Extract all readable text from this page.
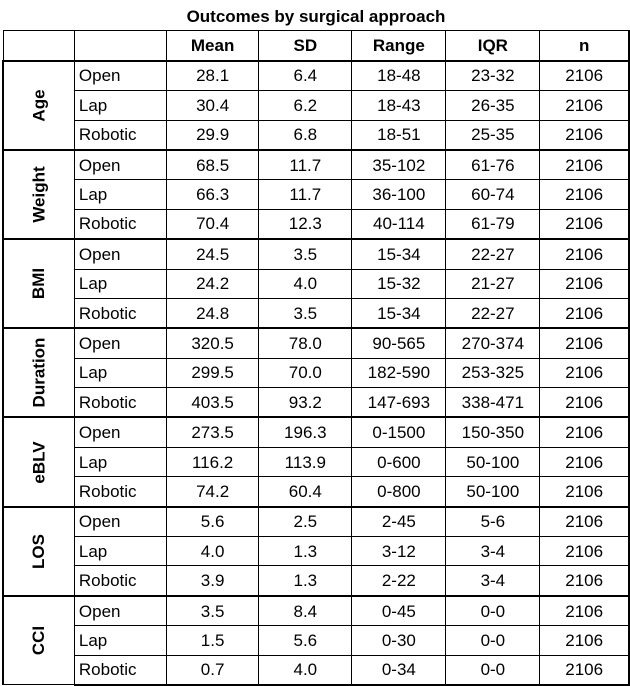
Outcomes by surgical approach						
		Mean	SD	Range	IQR	n
Age	Open	28.1	6.4	18-48	23-32	2106
	Lap	30.4	6.2	18-43	26-35	2106
	Robotic	29.9	6.8	18-51	25-35	2106
Weight	Open	68.5	11.7	35-102	61-76	2106
	Lap	66.3	11.7	36-100	60-74	2106
	Robotic	70.4	12.3	40-114	61-79	2106
BMI	Open	24.5	3.5	15-34	22-27	2106
	Lap	24.2	4.0	15-32	21-27	2106
	Robotic	24.8	3.5	15-34	22-27	2106
Duration	Open	320.5	78.0	90-565	270-374	2106
	Lap	299.5	70.0	182-590	253-325	2106
	Robotic	403.5	93.2	147-693	338-471	2106
eBLV	Open	273.5	196.3	0-1500	150-350	2106
	Lap	116.2	113.9	0-600	50-100	2106
	Robotic	74.2	60.4	0-800	50-100	2106
LOS	Open	5.6	2.5	2-45	5-6	2106
	Lap	4.0	1.3	3-12	3-4	2106
	Robotic	3.9	1.3	2-22	3-4	2106
CCI	Open	3.5	8.4	0-45	0-0	2106
	Lap	1.5	5.6	0-30	0-0	2106
	Robotic	0.7	4.0	0-34	0-0	2106
